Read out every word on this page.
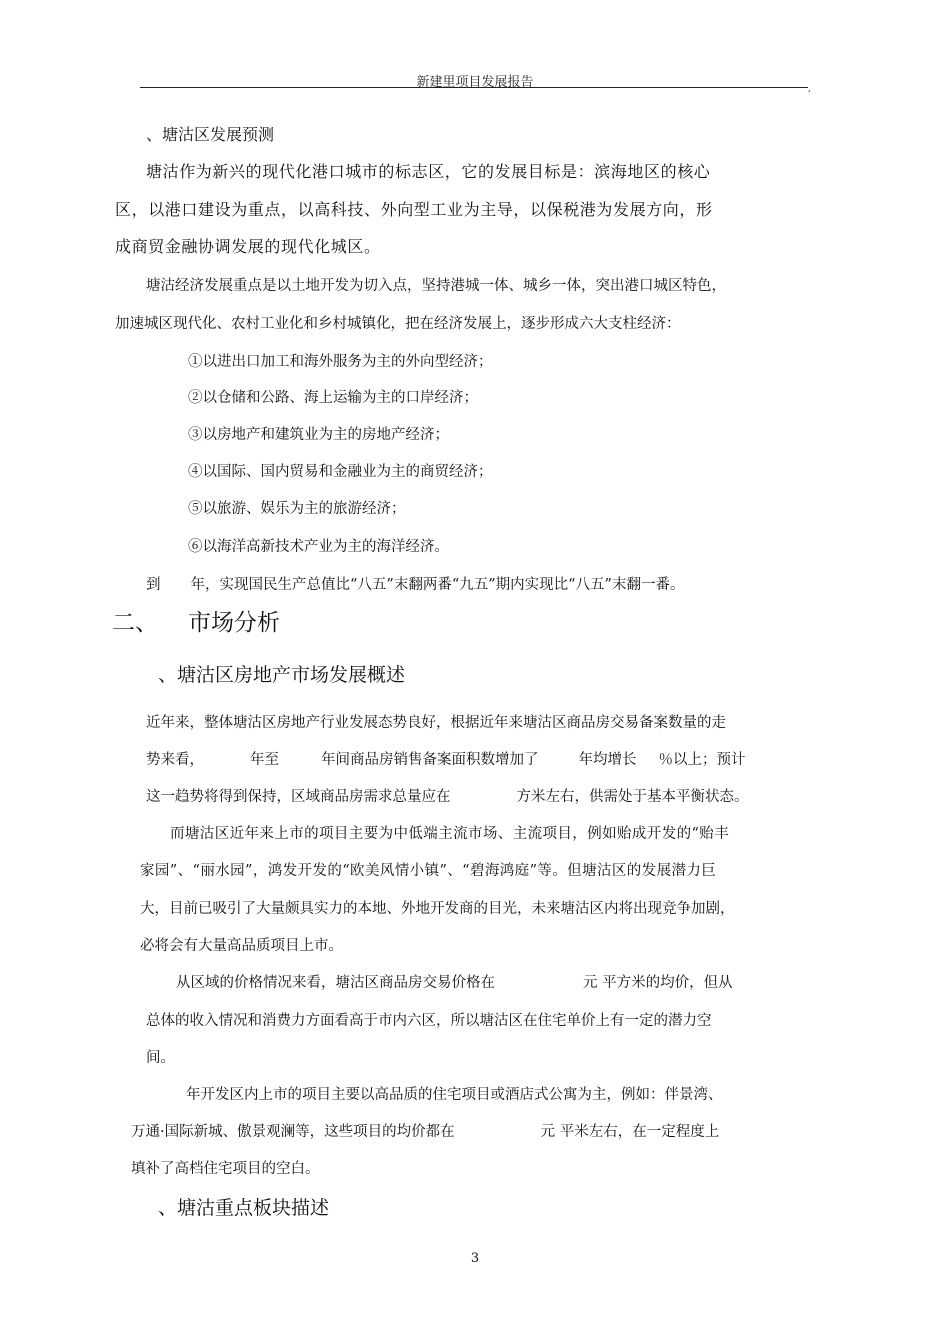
新建里项目发展报告	,
、塘沽区发展预测
塘沽作为新兴的现代化港口城市的标志区，它的发展目标是：滨海地区的核心
区，以港口建设为重点，以高科技、外向型工业为主导，以保税港为发展方向，形
成商贸金融协调发展的现代化城区。
塘沽经济发展重点是以土地开发为切入点，坚持港城一体、城乡一体，突出港口城区特色，
加速城区现代化、农村工业化和乡村城镇化，把在经济发展上，逐步形成六大支柱经济：
①以进出口加工和海外服务为主的外向型经济；
②以仓储和公路、海上运输为主的口岸经济；
③以房地产和建筑业为主的房地产经济；
④以国际、国内贸易和金融业为主的商贸经济；
⑤以旅游、娱乐为主的旅游经济；
⑥以海洋高新技术产业为主的海洋经济。
到 年，实现国民生产总值比“八五”末翻两番“九五”期内实现比“八五”末翻一番。
二、 市场分析
、塘沽区房地产市场发展概述
近年来，整体塘沽区房地产行业发展态势良好，根据近年来塘沽区商品房交易备案数量的走
势来看，	年至	年间商品房销售备案面积数增加了	年均增长 ％以上；预计
这一趋势将得到保持，区域商品房需求总量应在	方米左右，供需处于基本平衡状态。
而塘沽区近年来上市的项目主要为中低端主流市场、主流项目，例如贻成开发的“贻丰
家园”、“丽水园”，鸿发开发的“欧美风情小镇”、“碧海鸿庭”等。但塘沽区的发展潜力巨
大，目前已吸引了大量颇具实力的本地、外地开发商的目光，未来塘沽区内将出现竞争加剧，
必将会有大量高品质项目上市。
从区域的价格情况来看，塘沽区商品房交易价格在	元 平方米的均价，但从
总体的收入情况和消费力方面看高于市内六区，所以塘沽区在住宅单价上有一定的潜力空
间。
年开发区内上市的项目主要以高品质的住宅项目或酒店式公寓为主，例如：伴景湾、
万通·国际新城、傲景观澜等，这些项目的均价都在	元 平米左右，在一定程度上
填补了高档住宅项目的空白。
、塘沽重点板块描述
3
